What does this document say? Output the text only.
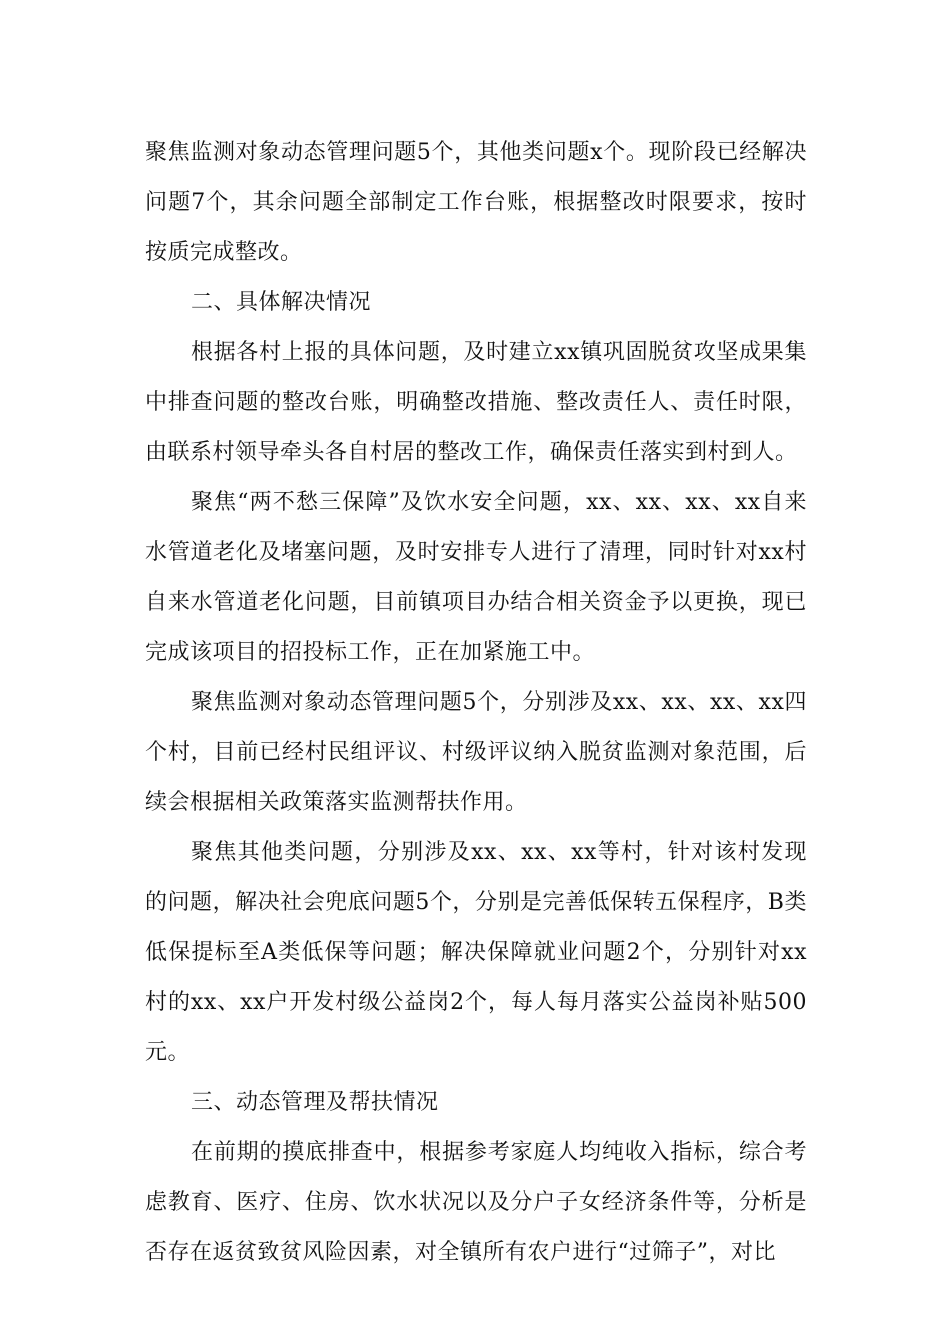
聚焦监测对象动态管理问题5个，其他类问题x个。现阶段已经解决问题7个，其余问题全部制定工作台账，根据整改时限要求，按时按质完成整改。

二、具体解决情况

根据各村上报的具体问题，及时建立xx镇巩固脱贫攻坚成果集中排查问题的整改台账，明确整改措施、整改责任人、责任时限，由联系村领导牵头各自村居的整改工作，确保责任落实到村到人。

聚焦“两不愁三保障”及饮水安全问题，xx、xx、xx、xx自来水管道老化及堵塞问题，及时安排专人进行了清理，同时针对xx村自来水管道老化问题，目前镇项目办结合相关资金予以更换，现已完成该项目的招投标工作，正在加紧施工中。

聚焦监测对象动态管理问题5个，分别涉及xx、xx、xx、xx四个村，目前已经村民组评议、村级评议纳入脱贫监测对象范围，后续会根据相关政策落实监测帮扶作用。

聚焦其他类问题，分别涉及xx、xx、xx等村，针对该村发现的问题，解决社会兜底问题5个，分别是完善低保转五保程序，B类低保提标至A类低保等问题；解决保障就业问题2个，分别针对xx村的xx、xx户开发村级公益岗2个，每人每月落实公益岗补贴500元。

三、动态管理及帮扶情况

在前期的摸底排查中，根据参考家庭人均纯收入指标，综合考虑教育、医疗、住房、饮水状况以及分户子女经济条件等，分析是否存在返贫致贫风险因素，对全镇所有农户进行“过筛子”，对比
